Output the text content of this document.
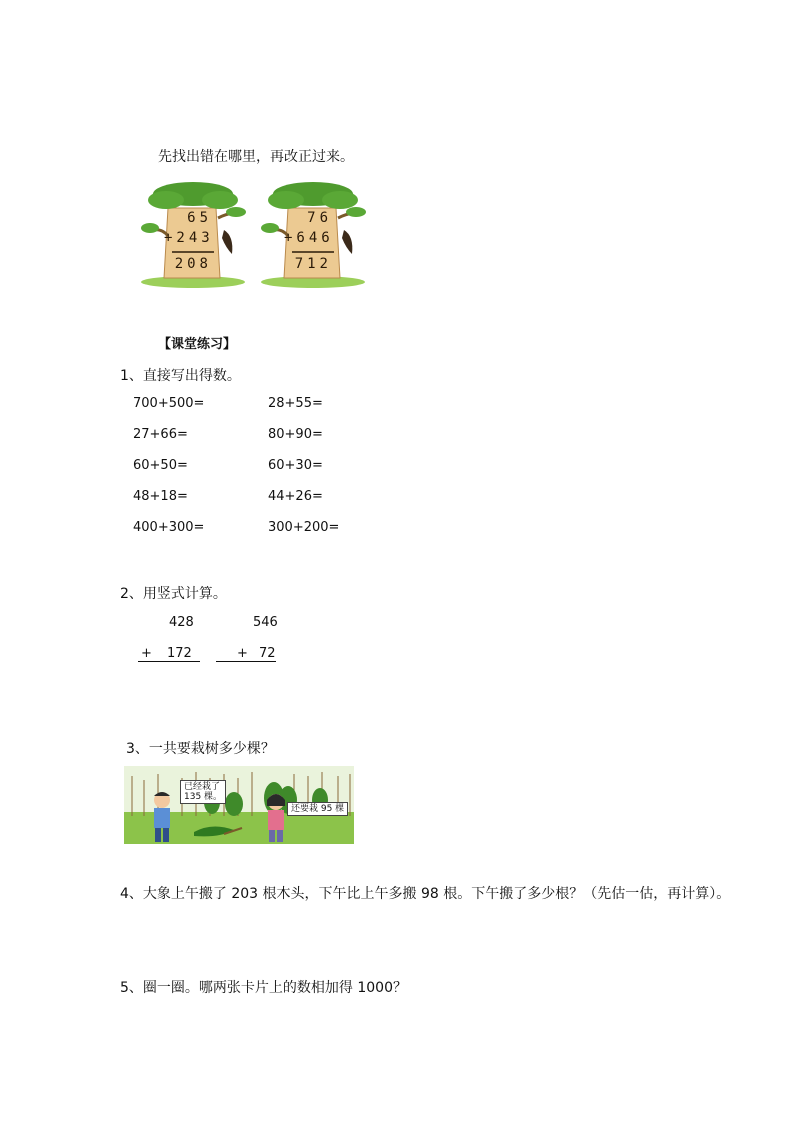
先找出错在哪里，再改正过来。
65
+243
208
76
+646
712
【课堂练习】
1、直接写出得数。
700+500=
27+66=
60+50=
48+18=
400+300=
28+55=
80+90=
60+30=
44+26=
300+200=
2、用竖式计算。
428
+ 172
546
+ 72
3、一共要栽树多少棵？
已经栽了
135 棵。
还要栽 95 棵
4、大象上午搬了 203 根木头，下午比上午多搬 98 根。下午搬了多少根？（先估一估，再计算）。
5、圈一圈。哪两张卡片上的数相加得 1000？
